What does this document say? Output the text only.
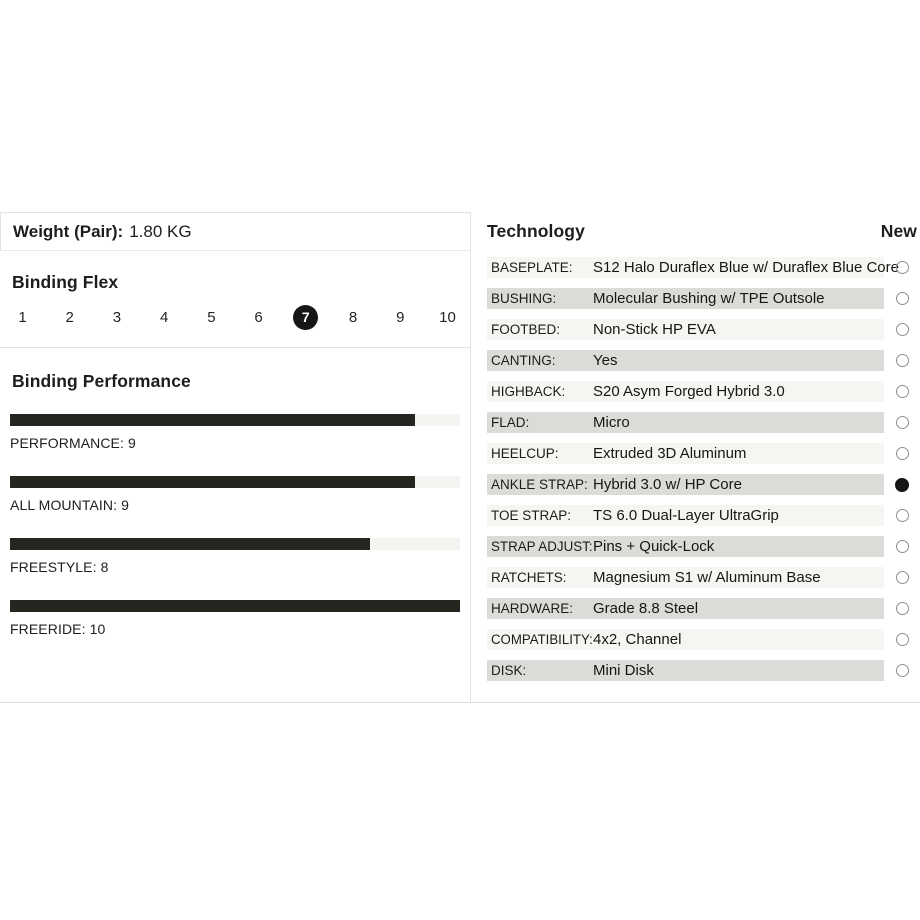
Weight (Pair): 1.80 KG
Binding Flex
1	2	3	4	5	6	7	8	9	10
Binding Performance
PERFORMANCE: 9
ALL MOUNTAIN: 9
FREESTYLE: 8
FREERIDE: 10
Technology	New
BASEPLATE:	S12 Halo Duraflex Blue w/ Duraflex Blue Core
BUSHING:	Molecular Bushing w/ TPE Outsole
FOOTBED:	Non-Stick HP EVA
CANTING:	Yes
HIGHBACK:	S20 Asym Forged Hybrid 3.0
FLAD:	Micro
HEELCUP:	Extruded 3D Aluminum
ANKLE STRAP: Hybrid 3.0 w/ HP Core
TOE STRAP:	TS 6.0 Dual-Layer UltraGrip
STRAP ADJUST: Pins + Quick-Lock
RATCHETS:	Magnesium S1 w/ Aluminum Base
HARDWARE:	Grade 8.8 Steel
COMPATIBILITY: 4x2, Channel
DISK:	Mini Disk
